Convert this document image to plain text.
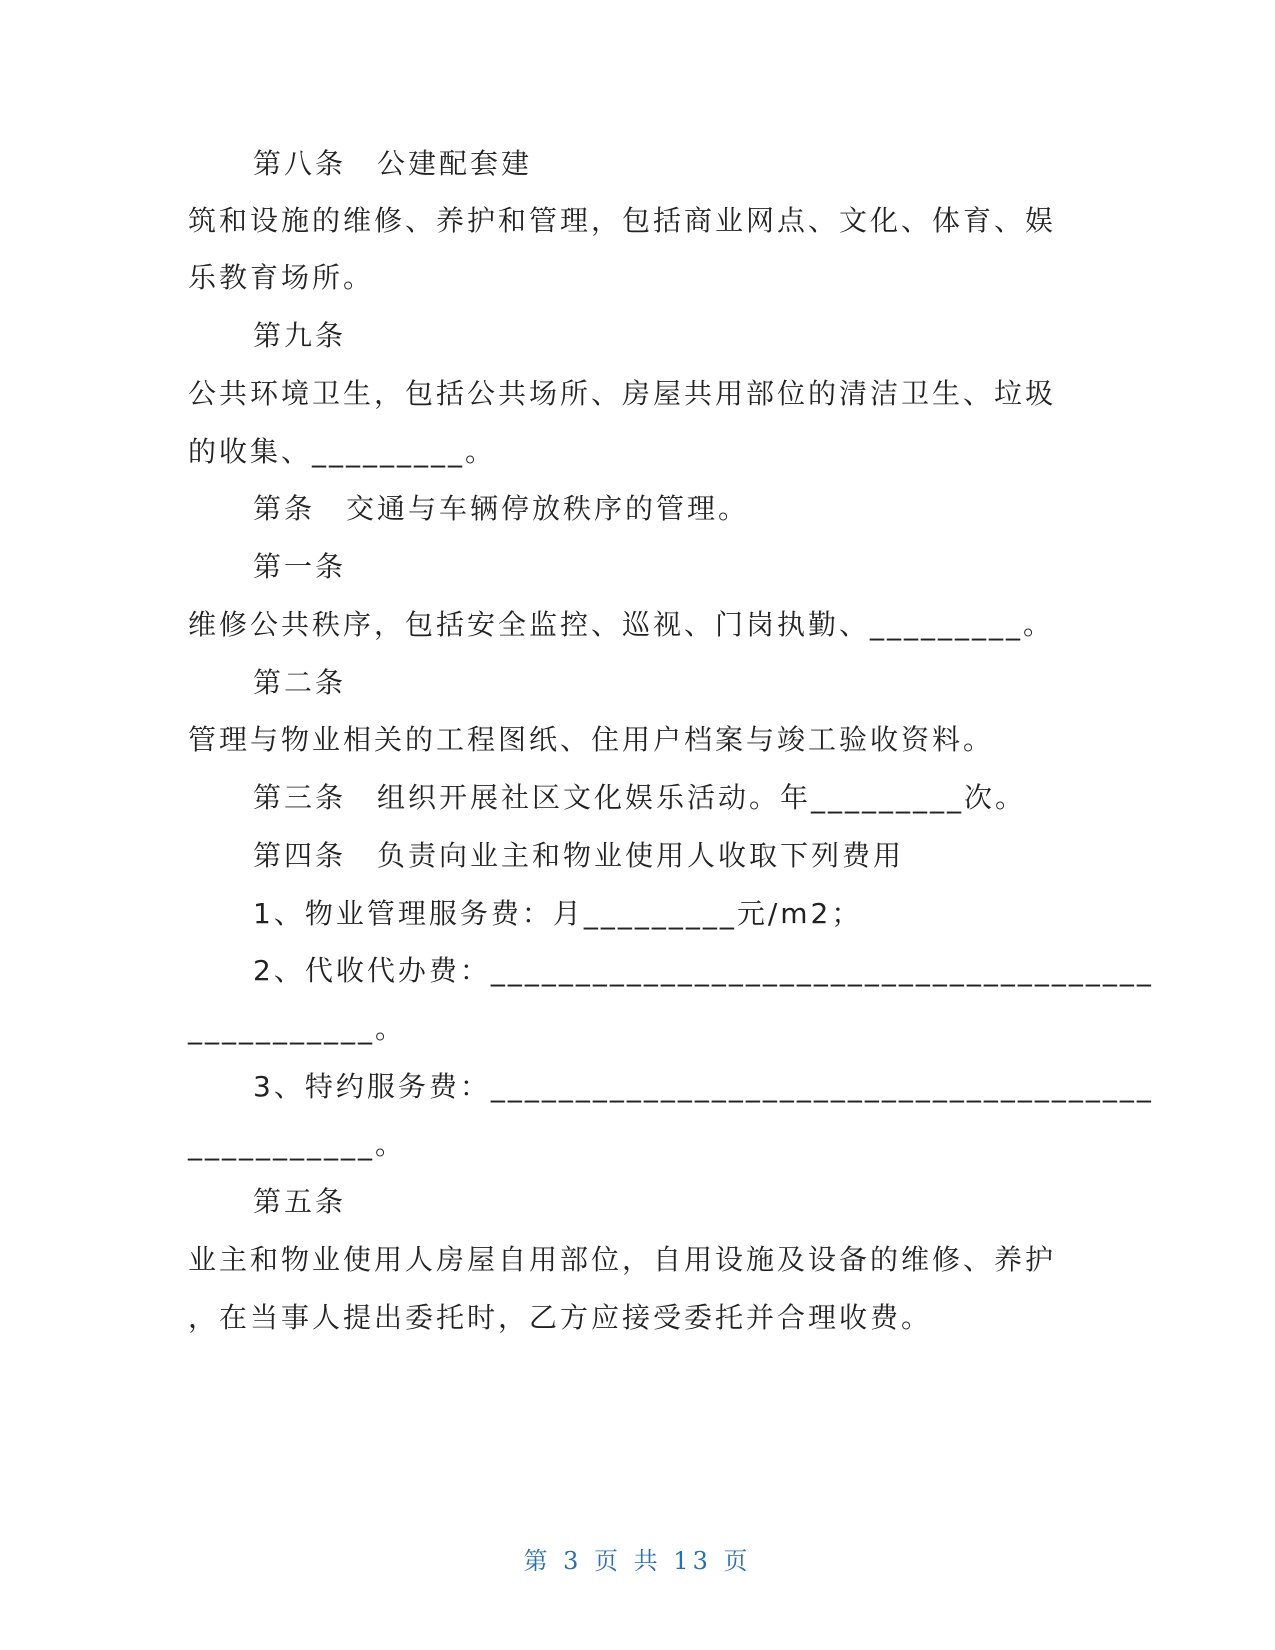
第八条　公建配套建
筑和设施的维修、养护和管理，包括商业网点、文化、体育、娱
乐教育场所。
第九条
公共环境卫生，包括公共场所、房屋共用部位的清洁卫生、垃圾
的收集、_________。
第条　交通与车辆停放秩序的管理。
第一条
维修公共秩序，包括安全监控、巡视、门岗执勤、_________。
第二条
管理与物业相关的工程图纸、住用户档案与竣工验收资料。
第三条　组织开展社区文化娱乐活动。年_________次。
第四条　负责向业主和物业使用人收取下列费用
1、物业管理服务费：月_________元/m2；
2、代收代办费：_______________________________________
___________。
3、特约服务费：_______________________________________
___________。
第五条
业主和物业使用人房屋自用部位，自用设施及设备的维修、养护
，在当事人提出委托时，乙方应接受委托并合理收费。
第 3 页 共 13 页
